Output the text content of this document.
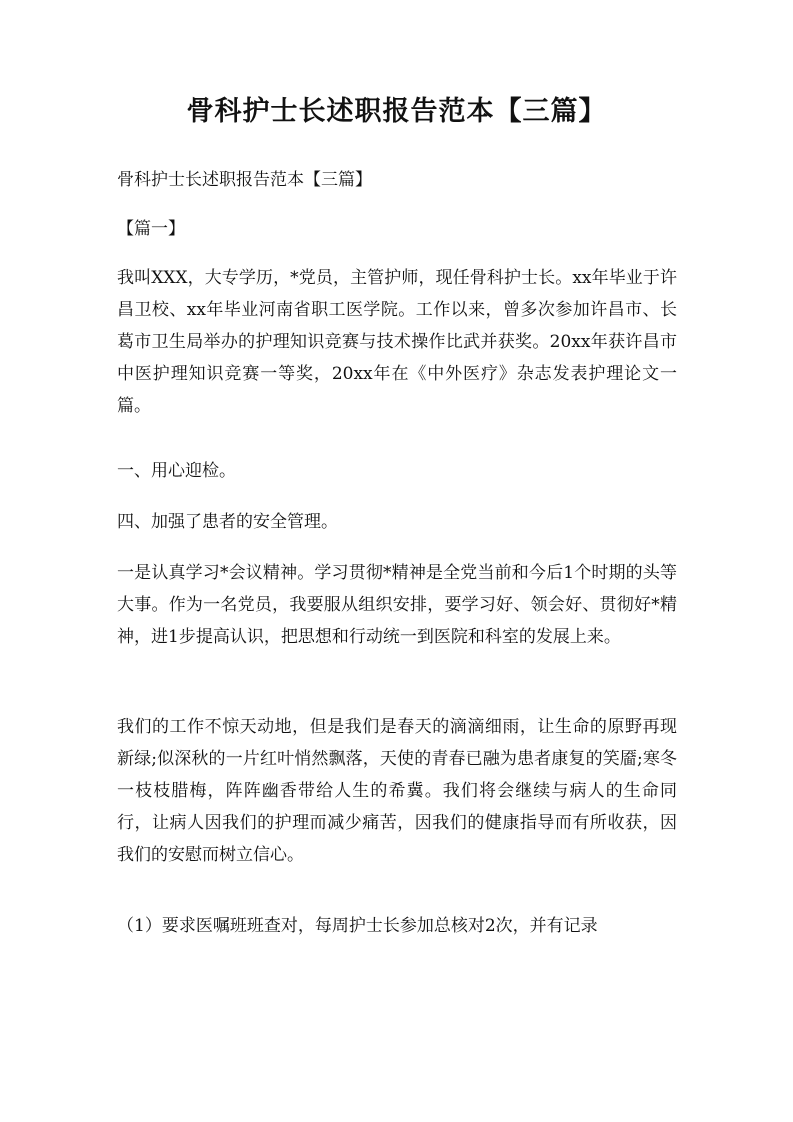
骨科护士长述职报告范本【三篇】

骨科护士长述职报告范本【三篇】

【篇一】

我叫XXX，大专学历，*党员，主管护师，现任骨科护士长。xx年毕业于许昌卫校、xx年毕业河南省职工医学院。工作以来，曾多次参加许昌市、长葛市卫生局举办的护理知识竞赛与技术操作比武并获奖。20xx年获许昌市中医护理知识竞赛一等奖，20xx年在《中外医疗》杂志发表护理论文一篇。

一、用心迎检。

四、加强了患者的安全管理。

一是认真学习*会议精神。学习贯彻*精神是全党当前和今后1个时期的头等大事。作为一名党员，我要服从组织安排，要学习好、领会好、贯彻好*精神，进1步提高认识，把思想和行动统一到医院和科室的发展上来。

我们的工作不惊天动地，但是我们是春天的滴滴细雨，让生命的原野再现新绿;似深秋的一片红叶悄然飘落，天使的青春已融为患者康复的笑靥;寒冬一枝枝腊梅，阵阵幽香带给人生的希冀。我们将会继续与病人的生命同行，让病人因我们的护理而减少痛苦，因我们的健康指导而有所收获，因我们的安慰而树立信心。

（1）要求医嘱班班查对，每周护士长参加总核对2次，并有记录
